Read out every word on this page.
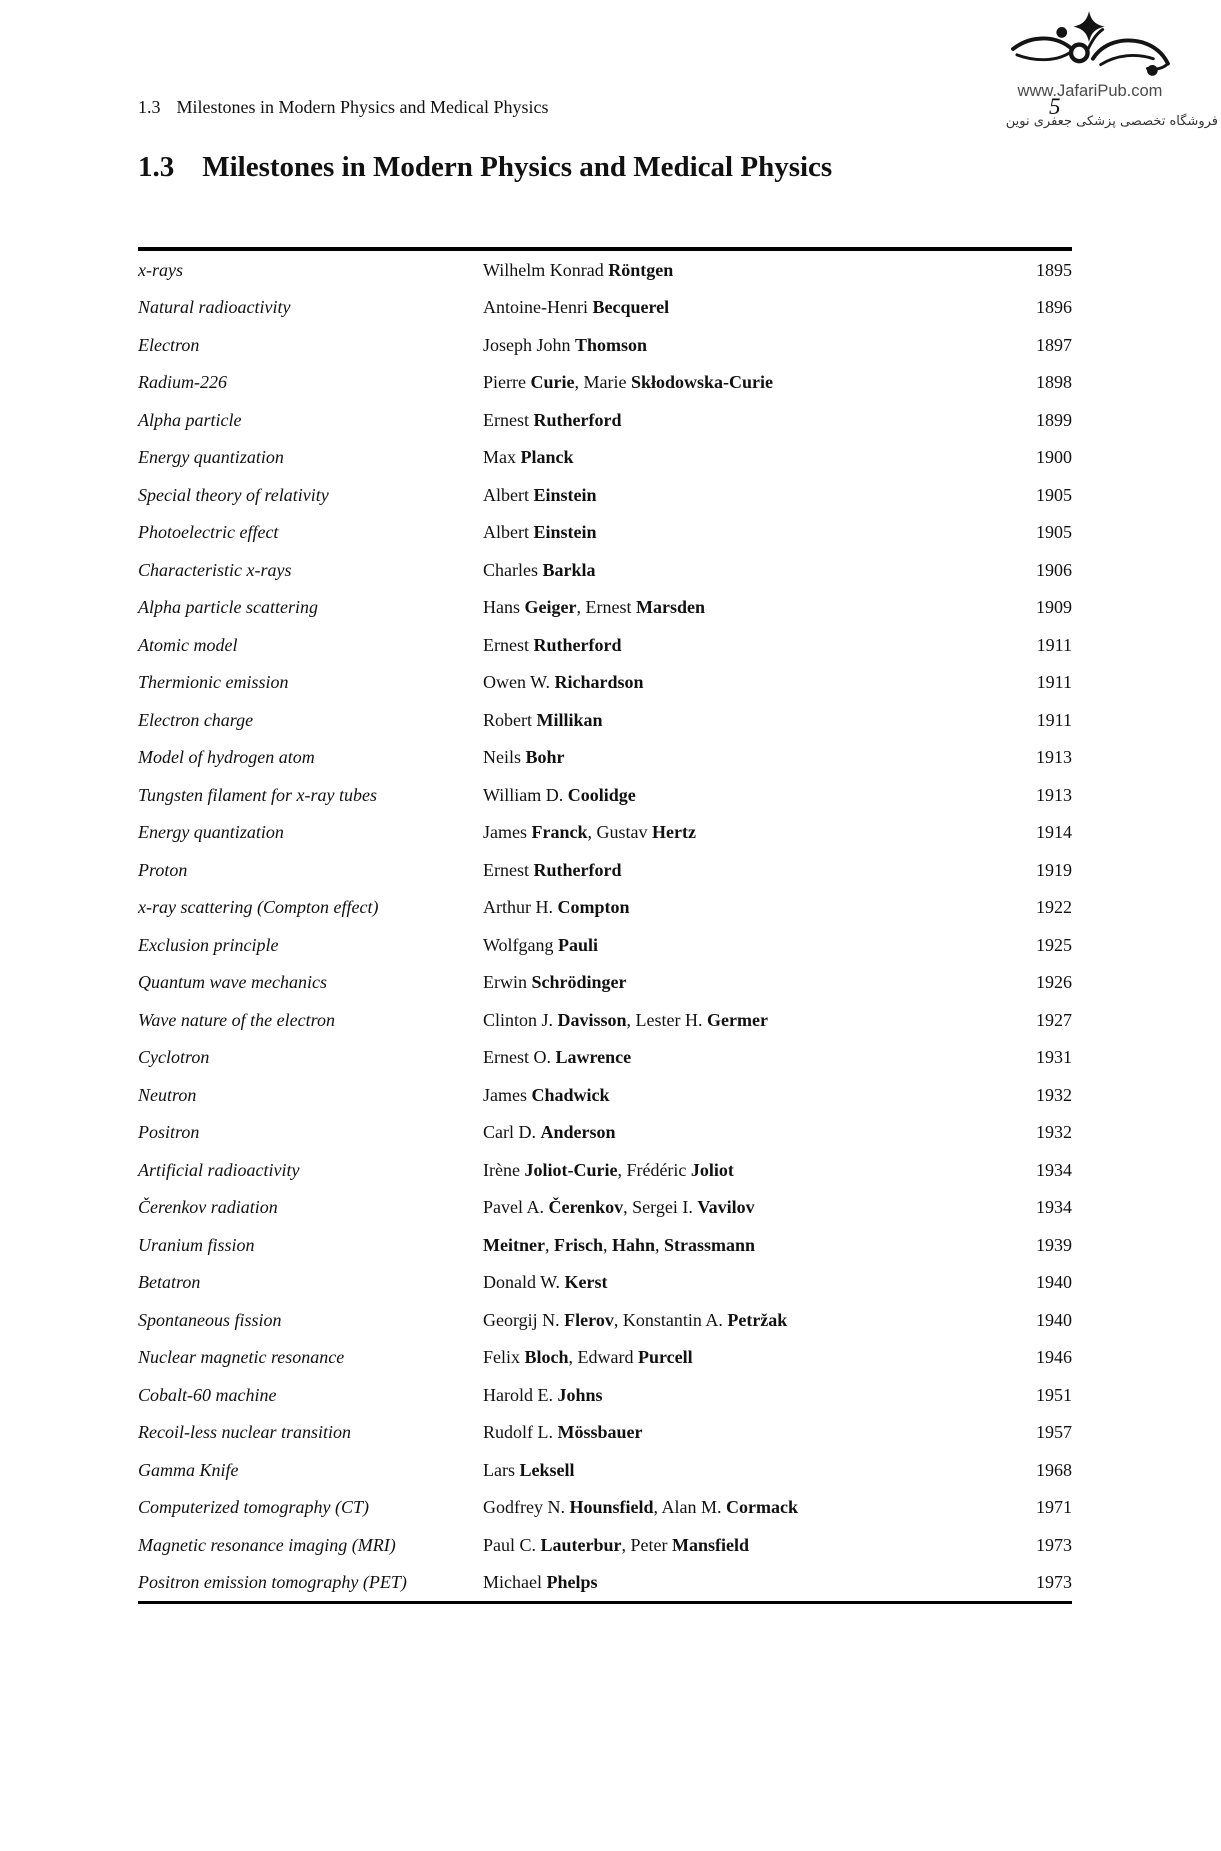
1.3 Milestones in Modern Physics and Medical Physics
www.JafariPub.com
فروشگاه تخصصی پزشکی جعفری نوین
5
1.3 Milestones in Modern Physics and Medical Physics
x-rays	Wilhelm Konrad Röntgen	1895
Natural radioactivity	Antoine-Henri Becquerel	1896
Electron	Joseph John Thomson	1897
Radium-226	Pierre Curie, Marie Skłodowska-Curie	1898
Alpha particle	Ernest Rutherford	1899
Energy quantization	Max Planck	1900
Special theory of relativity	Albert Einstein	1905
Photoelectric effect	Albert Einstein	1905
Characteristic x-rays	Charles Barkla	1906
Alpha particle scattering	Hans Geiger, Ernest Marsden	1909
Atomic model	Ernest Rutherford	1911
Thermionic emission	Owen W. Richardson	1911
Electron charge	Robert Millikan	1911
Model of hydrogen atom	Neils Bohr	1913
Tungsten filament for x-ray tubes	William D. Coolidge	1913
Energy quantization	James Franck, Gustav Hertz	1914
Proton	Ernest Rutherford	1919
x-ray scattering (Compton effect)	Arthur H. Compton	1922
Exclusion principle	Wolfgang Pauli	1925
Quantum wave mechanics	Erwin Schrödinger	1926
Wave nature of the electron	Clinton J. Davisson, Lester H. Germer	1927
Cyclotron	Ernest O. Lawrence	1931
Neutron	James Chadwick	1932
Positron	Carl D. Anderson	1932
Artificial radioactivity	Irène Joliot-Curie, Frédéric Joliot	1934
Čerenkov radiation	Pavel A. Čerenkov, Sergei I. Vavilov	1934
Uranium fission	Meitner, Frisch, Hahn, Strassmann	1939
Betatron	Donald W. Kerst	1940
Spontaneous fission	Georgij N. Flerov, Konstantin A. Petržak	1940
Nuclear magnetic resonance	Felix Bloch, Edward Purcell	1946
Cobalt-60 machine	Harold E. Johns	1951
Recoil-less nuclear transition	Rudolf L. Mössbauer	1957
Gamma Knife	Lars Leksell	1968
Computerized tomography (CT)	Godfrey N. Hounsfield, Alan M. Cormack	1971
Magnetic resonance imaging (MRI)	Paul C. Lauterbur, Peter Mansfield	1973
Positron emission tomography (PET)	Michael Phelps	1973
